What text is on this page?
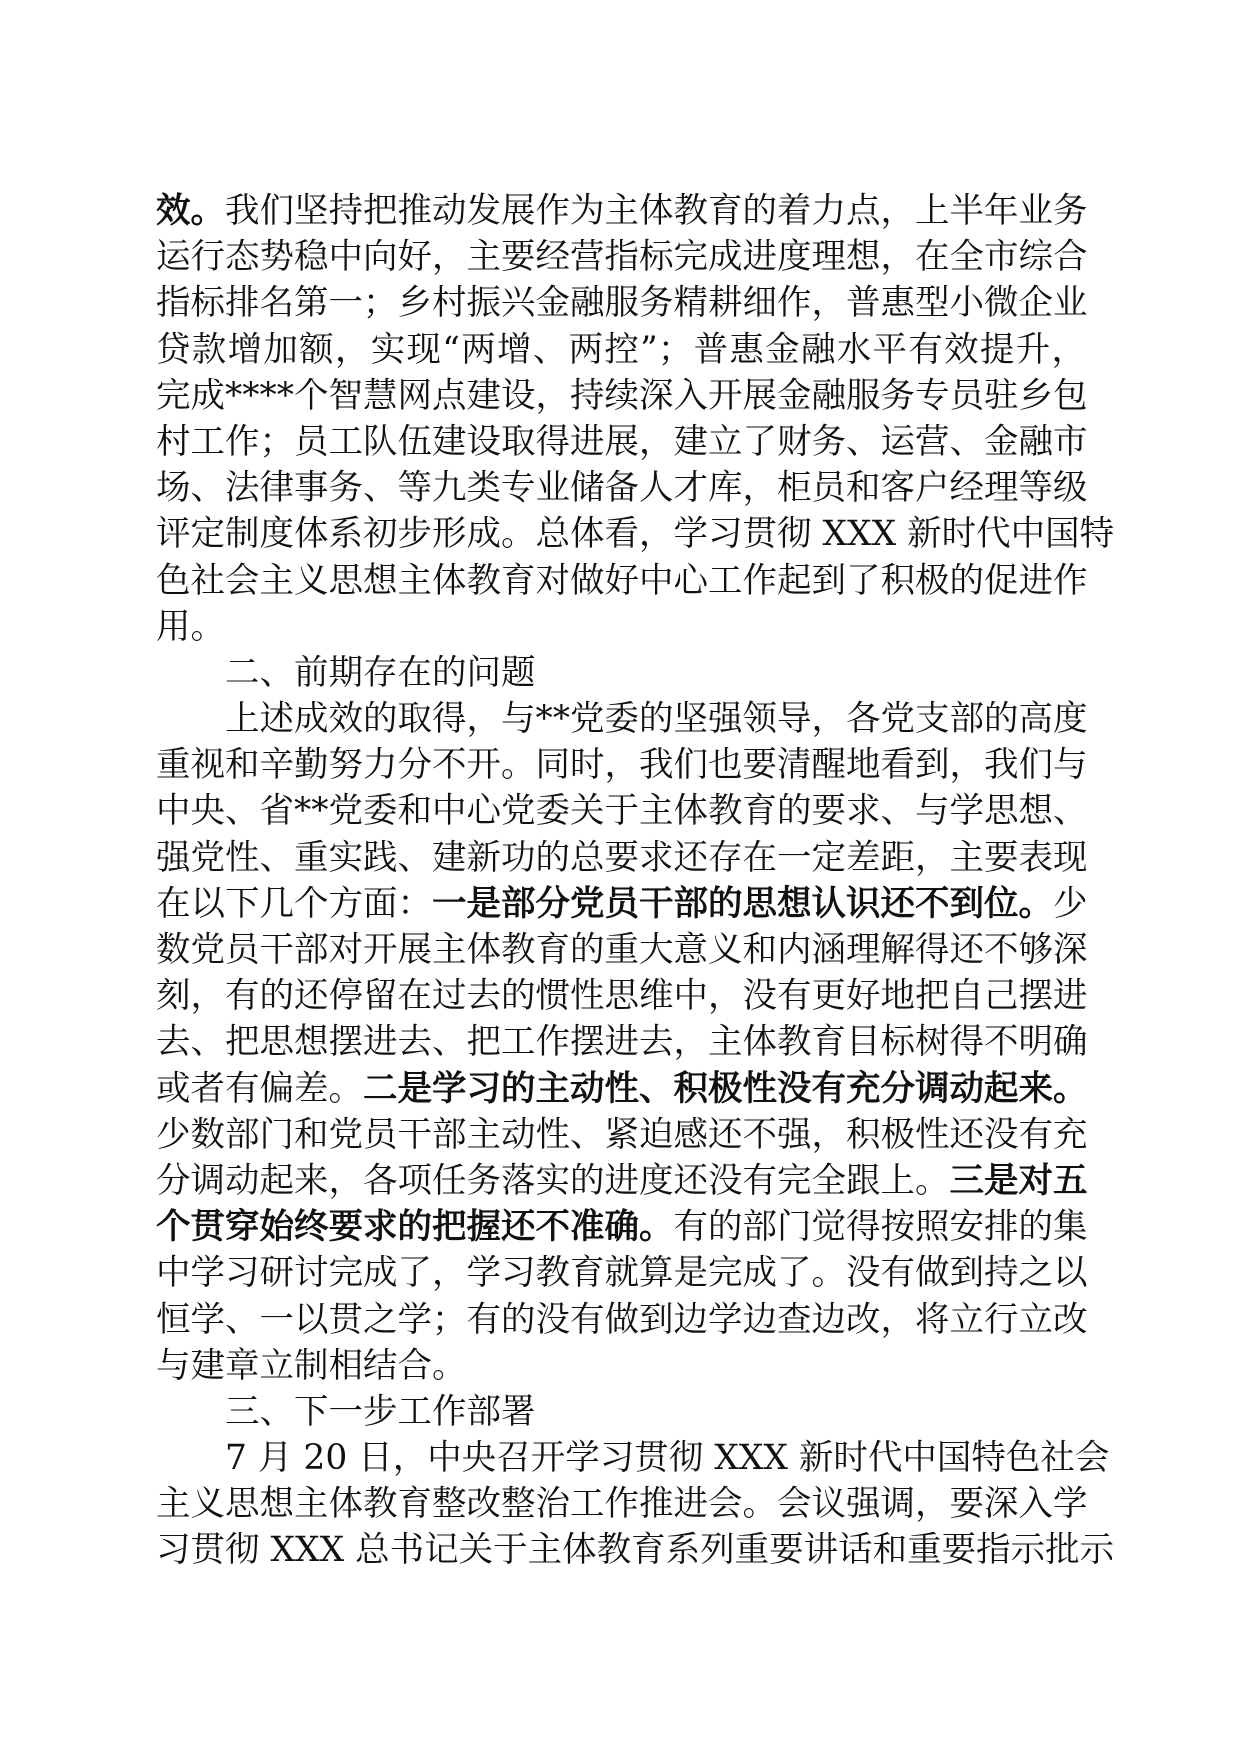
效。我们坚持把推动发展作为主体教育的着力点，上半年业务
运行态势稳中向好，主要经营指标完成进度理想，在全市综合
指标排名第一；乡村振兴金融服务精耕细作，普惠型小微企业
贷款增加额，实现“两增、两控”；普惠金融水平有效提升，
完成****个智慧网点建设，持续深入开展金融服务专员驻乡包
村工作；员工队伍建设取得进展，建立了财务、运营、金融市
场、法律事务、等九类专业储备人才库，柜员和客户经理等级
评定制度体系初步形成。总体看，学习贯彻 XXX 新时代中国特
色社会主义思想主体教育对做好中心工作起到了积极的促进作
用。
二、前期存在的问题
上述成效的取得，与**党委的坚强领导，各党支部的高度
重视和辛勤努力分不开。同时，我们也要清醒地看到，我们与
中央、省**党委和中心党委关于主体教育的要求、与学思想、
强党性、重实践、建新功的总要求还存在一定差距，主要表现
在以下几个方面：一是部分党员干部的思想认识还不到位。少
数党员干部对开展主体教育的重大意义和内涵理解得还不够深
刻，有的还停留在过去的惯性思维中，没有更好地把自己摆进
去、把思想摆进去、把工作摆进去，主体教育目标树得不明确
或者有偏差。二是学习的主动性、积极性没有充分调动起来。
少数部门和党员干部主动性、紧迫感还不强，积极性还没有充
分调动起来，各项任务落实的进度还没有完全跟上。三是对五
个贯穿始终要求的把握还不准确。有的部门觉得按照安排的集
中学习研讨完成了，学习教育就算是完成了。没有做到持之以
恒学、一以贯之学；有的没有做到边学边查边改，将立行立改
与建章立制相结合。
三、下一步工作部署
7 月 20 日，中央召开学习贯彻 XXX 新时代中国特色社会
主义思想主体教育整改整治工作推进会。会议强调，要深入学
习贯彻 XXX 总书记关于主体教育系列重要讲话和重要指示批示
